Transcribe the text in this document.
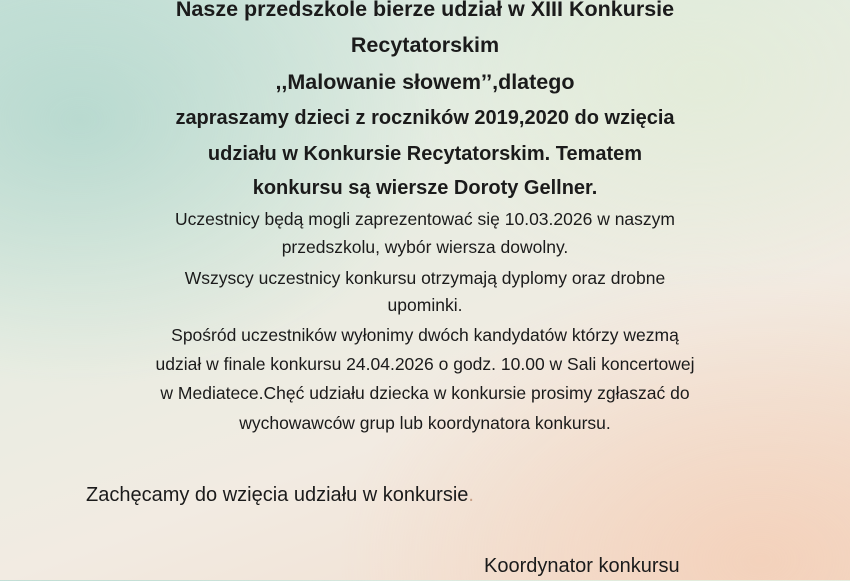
Nasze przedszkole bierze udział w XIII Konkursie
Recytatorskim
,,Malowanie słowem’’,dlatego
zapraszamy dzieci z roczników 2019,2020 do wzięcia
udziału w Konkursie Recytatorskim. Tematem
konkursu są wiersze Doroty Gellner.
Uczestnicy będą mogli zaprezentować się 10.03.2026 w naszym
przedszkolu, wybór wiersza dowolny.
Wszyscy uczestnicy konkursu otrzymają dyplomy oraz drobne
upominki.
Spośród uczestników wyłonimy dwóch kandydatów którzy wezmą
udział w finale konkursu 24.04.2026 o godz. 10.00 w Sali koncertowej
w Mediatece.Chęć udziału dziecka w konkursie prosimy zgłaszać do
wychowawców grup lub koordynatora konkursu.
Zachęcamy do wzięcia udziału w konkursie.
Koordynator konkursu
